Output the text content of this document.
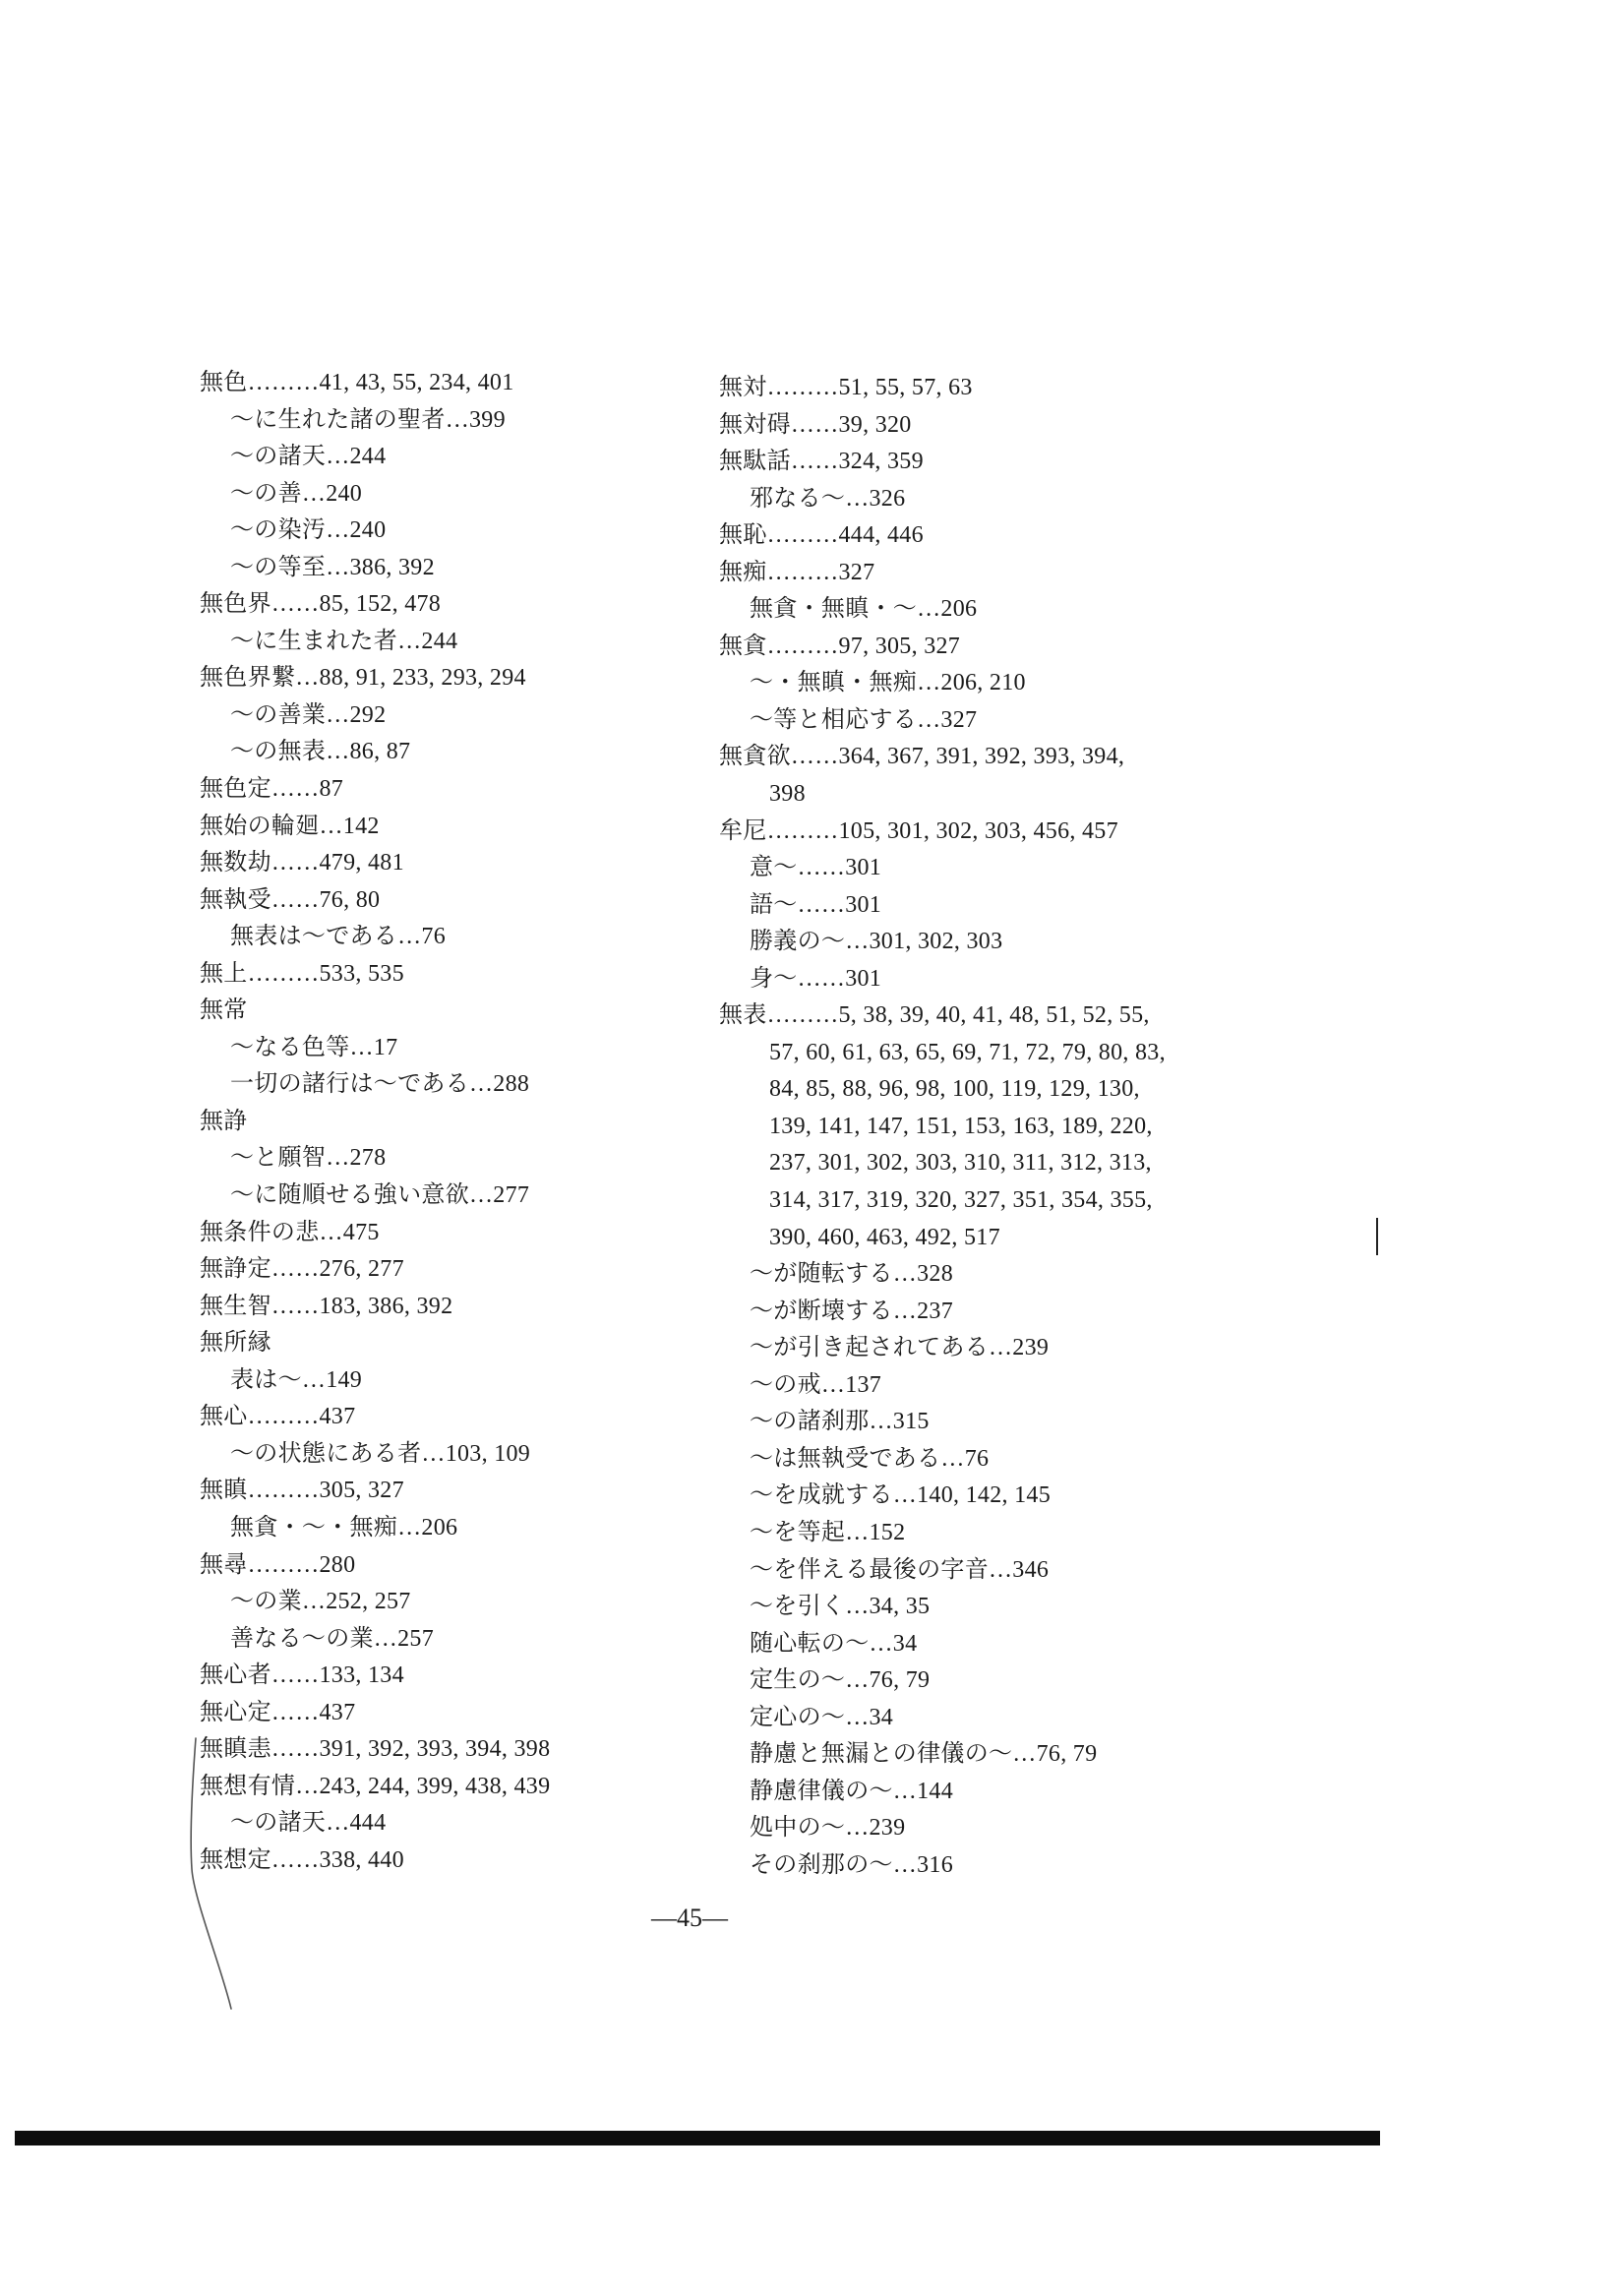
無色………41, 43, 55, 234, 401
〜に生れた諸の聖者…399
〜の諸天…244
〜の善…240
〜の染汚…240
〜の等至…386, 392
無色界……85, 152, 478
〜に生まれた者…244
無色界繋…88, 91, 233, 293, 294
〜の善業…292
〜の無表…86, 87
無色定……87
無始の輪廻…142
無数劫……479, 481
無執受……76, 80
無表は〜である…76
無上………533, 535
無常
〜なる色等…17
一切の諸行は〜である…288
無諍
〜と願智…278
〜に随順せる強い意欲…277
無条件の悲…475
無諍定……276, 277
無生智……183, 386, 392
無所縁
表は〜…149
無心………437
〜の状態にある者…103, 109
無瞋………305, 327
無貪・〜・無痴…206
無尋………280
〜の業…252, 257
善なる〜の業…257
無心者……133, 134
無心定……437
無瞋恚……391, 392, 393, 394, 398
無想有情…243, 244, 399, 438, 439
〜の諸天…444
無想定……338, 440
無対………51, 55, 57, 63
無対碍……39, 320
無駄話……324, 359
邪なる〜…326
無恥………444, 446
無痴………327
無貪・無瞋・〜…206
無貪………97, 305, 327
〜・無瞋・無痴…206, 210
〜等と相応する…327
無貪欲……364, 367, 391, 392, 393, 394,
398
牟尼………105, 301, 302, 303, 456, 457
意〜……301
語〜……301
勝義の〜…301, 302, 303
身〜……301
無表………5, 38, 39, 40, 41, 48, 51, 52, 55,
57, 60, 61, 63, 65, 69, 71, 72, 79, 80, 83,
84, 85, 88, 96, 98, 100, 119, 129, 130,
139, 141, 147, 151, 153, 163, 189, 220,
237, 301, 302, 303, 310, 311, 312, 313,
314, 317, 319, 320, 327, 351, 354, 355,
390, 460, 463, 492, 517
〜が随転する…328
〜が断壊する…237
〜が引き起されてある…239
〜の戒…137
〜の諸刹那…315
〜は無執受である…76
〜を成就する…140, 142, 145
〜を等起…152
〜を伴える最後の字音…346
〜を引く…34, 35
随心転の〜…34
定生の〜…76, 79
定心の〜…34
静慮と無漏との律儀の〜…76, 79
静慮律儀の〜…144
処中の〜…239
その刹那の〜…316
—45—
